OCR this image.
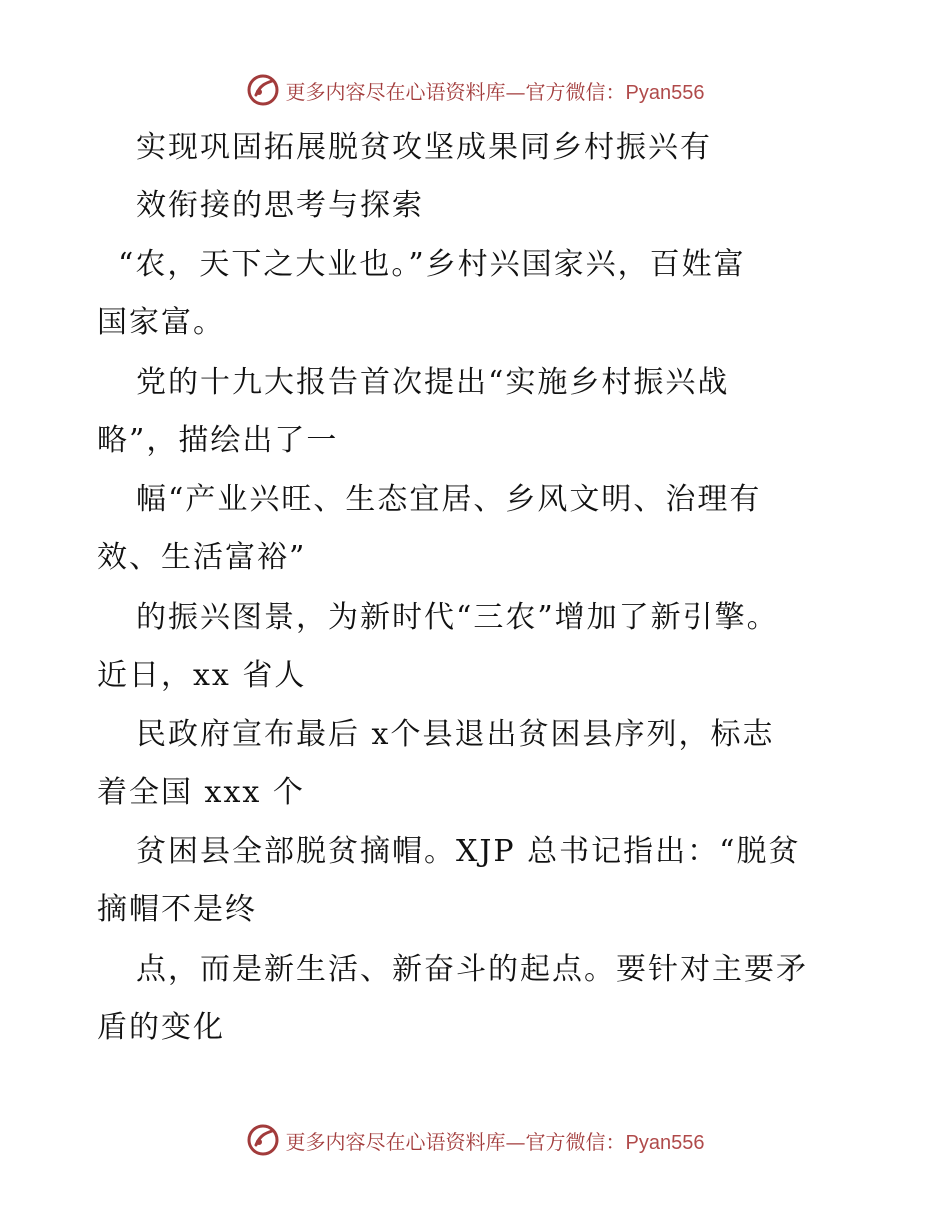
更多内容尽在心语资料库—官方微信：Pyan556
实现巩固拓展脱贫攻坚成果同乡村振兴有
效衔接的思考与探索
“农，天下之大业也。”乡村兴国家兴，百姓富
国家富。
党的十九大报告首次提出“实施乡村振兴战
略”，描绘出了一
幅“产业兴旺、生态宜居、乡风文明、治理有
效、生活富裕”
的振兴图景，为新时代“三农”增加了新引擎。
近日，xx 省人
民政府宣布最后 x个县退出贫困县序列，标志
着全国 xxx 个
贫困县全部脱贫摘帽。XJP 总书记指出：“脱贫
摘帽不是终
点，而是新生活、新奋斗的起点。要针对主要矛
盾的变化
更多内容尽在心语资料库—官方微信：Pyan556
